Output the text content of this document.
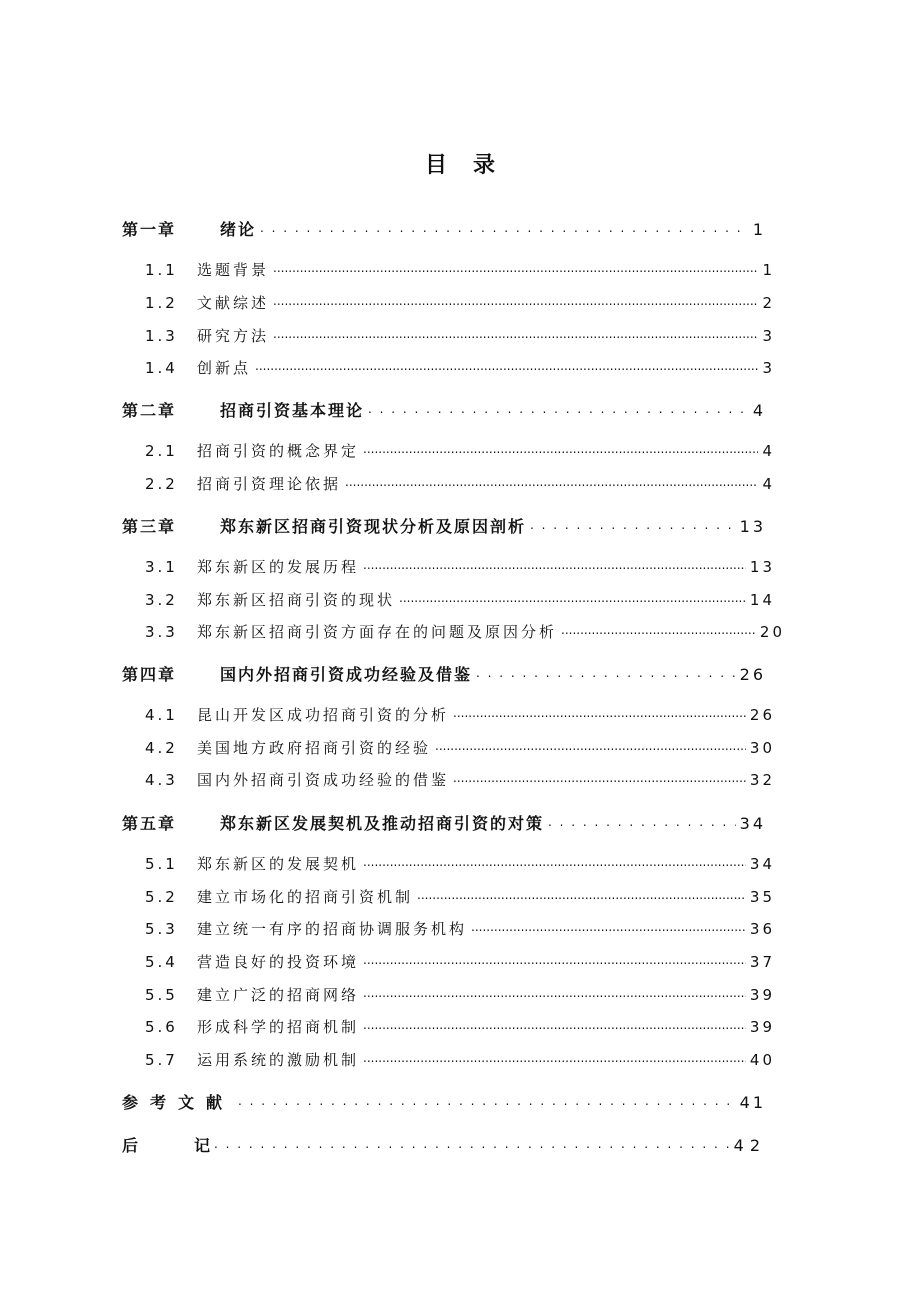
目录
第一章	绪论 . . .	1
1.1	选题背景 .....	1
1.2	文献综述 .....	2
1.3	研究方法 .....	3
1.4	创新点 .....	3
第二章	招商引资基本理论 . . .	4
2.1	招商引资的概念界定 .....	4
2.2	招商引资理论依据 .....	4
第三章	郑东新区招商引资现状分析及原因剖析 . . .	13
3.1	郑东新区的发展历程 .....	13
3.2	郑东新区招商引资的现状 .....	14
3.3	郑东新区招商引资方面存在的问题及原因分析 .....	20
第四章	国内外招商引资成功经验及借鉴 . . .	26
4.1	昆山开发区成功招商引资的分析 .....	26
4.2	美国地方政府招商引资的经验 .....	30
4.3	国内外招商引资成功经验的借鉴 .....	32
第五章	郑东新区发展契机及推动招商引资的对策 . . .	34
5.1	郑东新区的发展契机 .....	34
5.2	建立市场化的招商引资机制 .....	35
5.3	建立统一有序的招商协调服务机构 .....	36
5.4	营造良好的投资环境 .....	37
5.5	建立广泛的招商网络 .....	39
5.6	形成科学的招商机制 .....	39
5.7	运用系统的激励机制 .....	40
参考文献 . . .	41
后记 . . .	42
